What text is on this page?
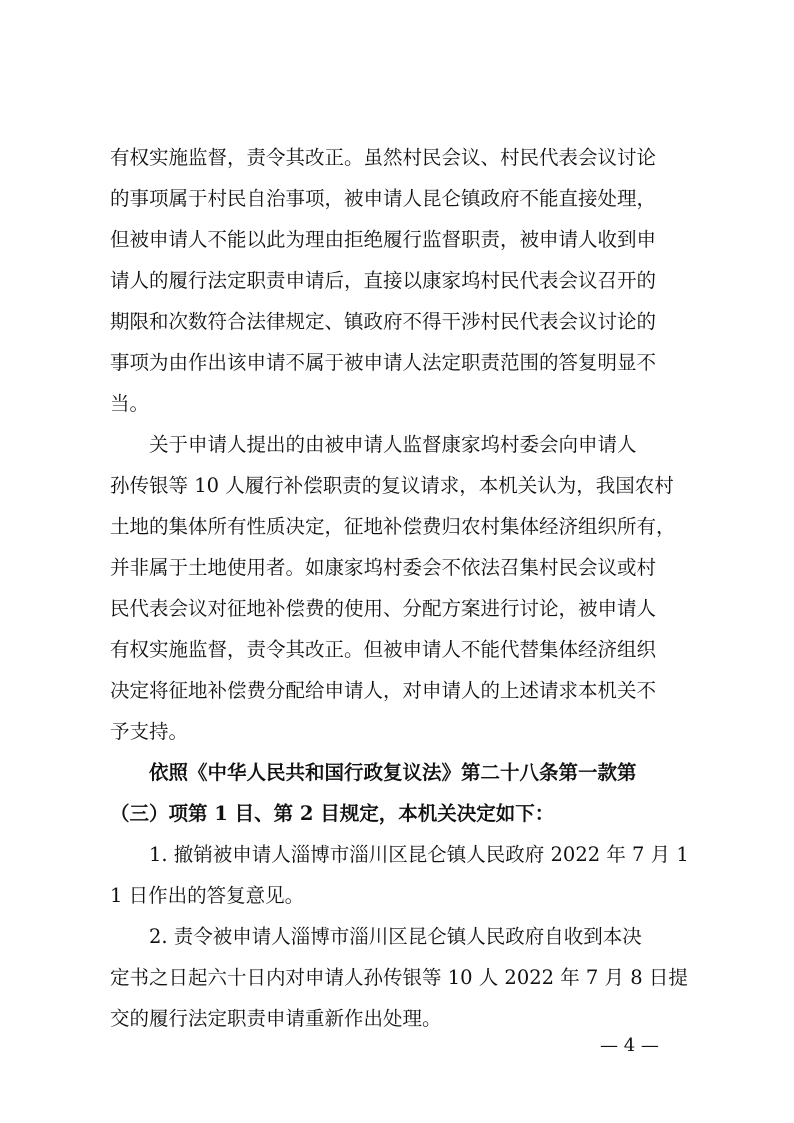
有权实施监督，责令其改正。虽然村民会议、村民代表会议讨论
的事项属于村民自治事项，被申请人昆仑镇政府不能直接处理，
但被申请人不能以此为理由拒绝履行监督职责，被申请人收到申
请人的履行法定职责申请后，直接以康家坞村民代表会议召开的
期限和次数符合法律规定、镇政府不得干涉村民代表会议讨论的
事项为由作出该申请不属于被申请人法定职责范围的答复明显不
当。
关于申请人提出的由被申请人监督康家坞村委会向申请人
孙传银等 10 人履行补偿职责的复议请求，本机关认为，我国农村
土地的集体所有性质决定，征地补偿费归农村集体经济组织所有，
并非属于土地使用者。如康家坞村委会不依法召集村民会议或村
民代表会议对征地补偿费的使用、分配方案进行讨论，被申请人
有权实施监督，责令其改正。但被申请人不能代替集体经济组织
决定将征地补偿费分配给申请人，对申请人的上述请求本机关不
予支持。
依照《中华人民共和国行政复议法》第二十八条第一款第
（三）项第 1 目、第 2 目规定，本机关决定如下：
1. 撤销被申请人淄博市淄川区昆仑镇人民政府 2022 年 7 月 1
1 日作出的答复意见。
2. 责令被申请人淄博市淄川区昆仑镇人民政府自收到本决
定书之日起六十日内对申请人孙传银等 10 人 2022 年 7 月 8 日提
交的履行法定职责申请重新作出处理。
— 4 —
